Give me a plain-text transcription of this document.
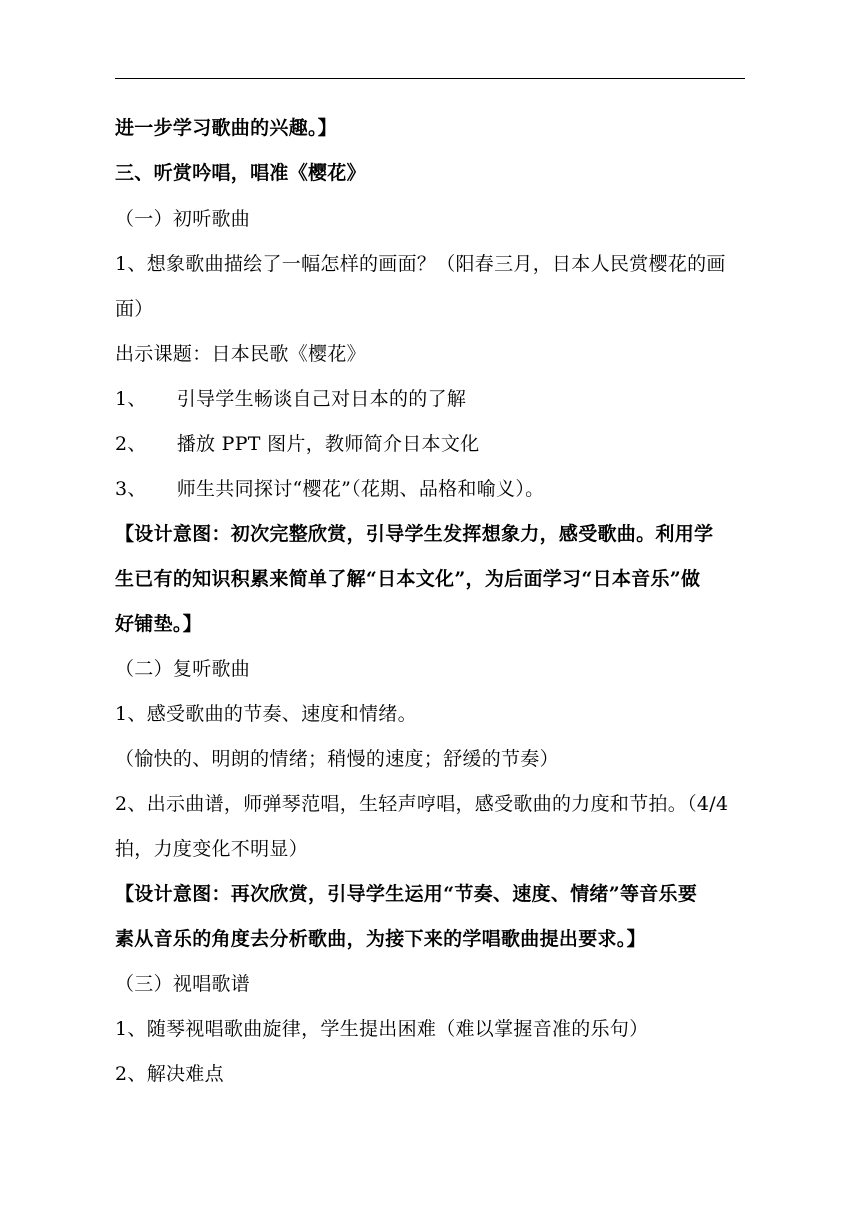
进一步学习歌曲的兴趣。】
三、听赏吟唱，唱准《樱花》
（一）初听歌曲
1、想象歌曲描绘了一幅怎样的画面？（阳春三月，日本人民赏樱花的画
面）
出示课题：日本民歌《樱花》
1、 引导学生畅谈自己对日本的的了解
2、 播放 PPT 图片，教师简介日本文化
3、 师生共同探讨“樱花”（花期、品格和喻义）。
【设计意图：初次完整欣赏，引导学生发挥想象力，感受歌曲。利用学
生已有的知识积累来简单了解“日本文化”，为后面学习“日本音乐”做
好铺垫。】
（二）复听歌曲
1、感受歌曲的节奏、速度和情绪。
（愉快的、明朗的情绪；稍慢的速度；舒缓的节奏）
2、出示曲谱，师弹琴范唱，生轻声哼唱，感受歌曲的力度和节拍。（4/4
拍，力度变化不明显）
【设计意图：再次欣赏，引导学生运用“节奏、速度、情绪”等音乐要
素从音乐的角度去分析歌曲，为接下来的学唱歌曲提出要求。】
（三）视唱歌谱
1、随琴视唱歌曲旋律，学生提出困难（难以掌握音准的乐句）
2、解决难点
